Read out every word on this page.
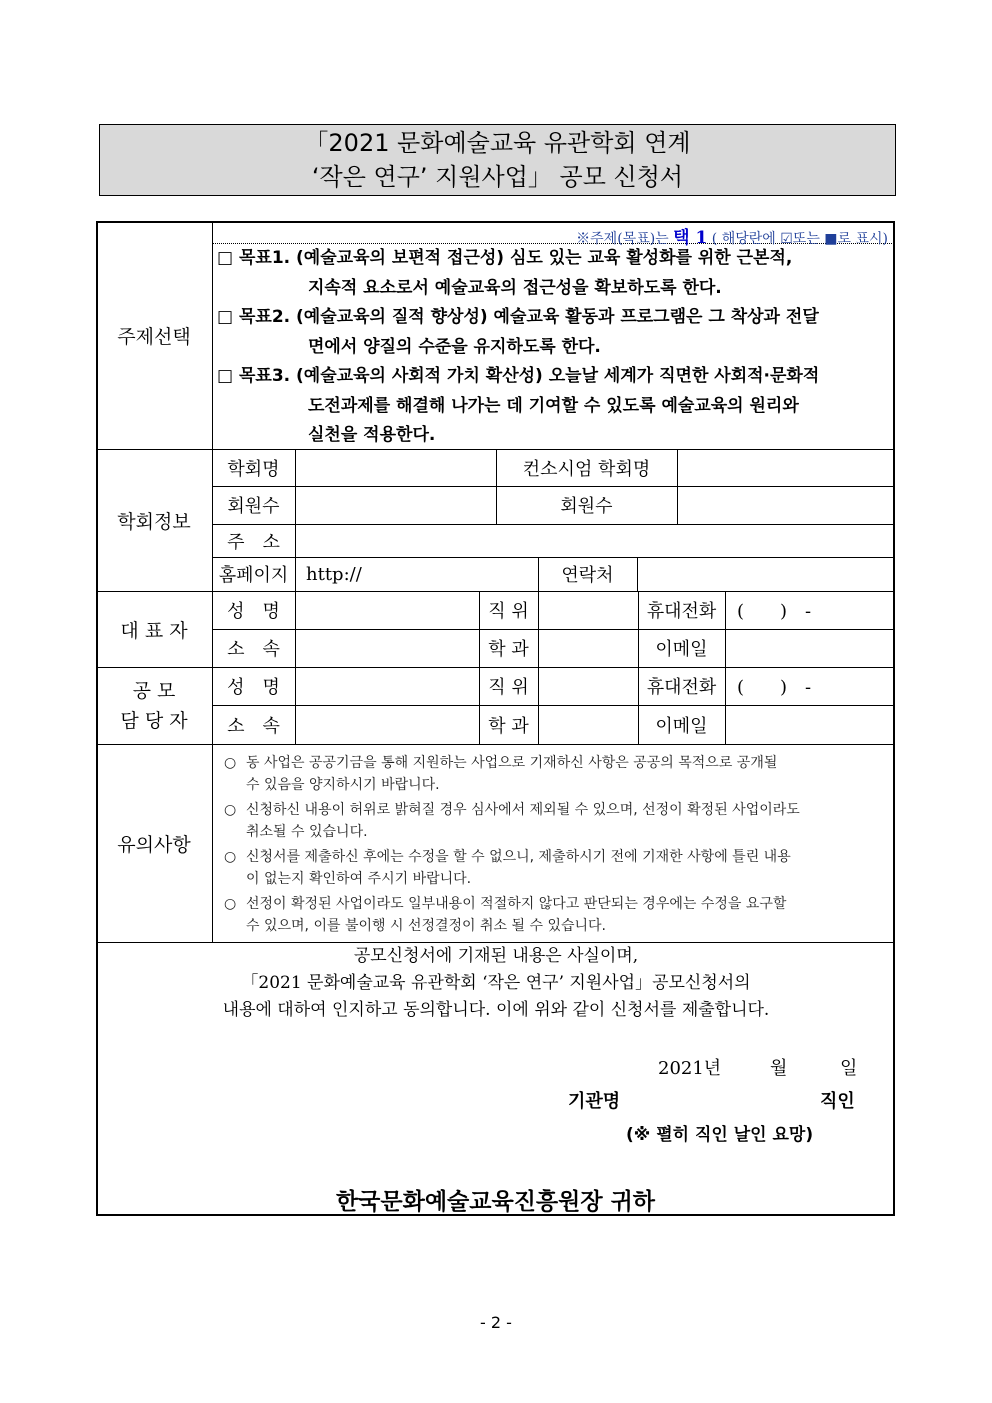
「2021 문화예술교육 유관학회 연계
‘작은 연구’ 지원사업」 공모 신청서
주제선택
※주제(목표)는 택 1 ( 해당란에 ☑또는 ■로 표시)
□ 목표1. (예술교육의 보편적 접근성) 심도 있는 교육 활성화를 위한 근본적,
지속적 요소로서 예술교육의 접근성을 확보하도록 한다.
□ 목표2. (예술교육의 질적 향상성) 예술교육 활동과 프로그램은 그 착상과 전달
면에서 양질의 수준을 유지하도록 한다.
□ 목표3. (예술교육의 사회적 가치 확산성) 오늘날 세계가 직면한 사회적·문화적
도전과제를 해결해 나가는 데 기여할 수 있도록 예술교육의 원리와
실천을 적용한다.
학회정보
학회명	컨소시엄 학회명
회원수	회원수
주　소
홈페이지 http://	연락처
대 표 자
성　명	직 위	휴대전화	(　　)　-
소　속	학 과	이메일
공 모
담 당 자
성　명	직 위	휴대전화	(　　)　-
소　속	학 과	이메일
유의사항
○ 동 사업은 공공기금을 통해 지원하는 사업으로 기재하신 사항은 공공의 목적으로 공개될
수 있음을 양지하시기 바랍니다.
○ 신청하신 내용이 허위로 밝혀질 경우 심사에서 제외될 수 있으며, 선정이 확정된 사업이라도
취소될 수 있습니다.
○ 신청서를 제출하신 후에는 수정을 할 수 없으니, 제출하시기 전에 기재한 사항에 틀린 내용
이 없는지 확인하여 주시기 바랍니다.
○ 선정이 확정된 사업이라도 일부내용이 적절하지 않다고 판단되는 경우에는 수정을 요구할
수 있으며, 이를 불이행 시 선정결정이 취소 될 수 있습니다.
공모신청서에 기재된 내용은 사실이며,
「2021 문화예술교육 유관학회 ‘작은 연구’ 지원사업」공모신청서의
내용에 대하여 인지하고 동의합니다. 이에 위와 같이 신청서를 제출합니다.
2021년	월	일
기관명	직인
(※ 펼히 직인 날인 요망)
한국문화예술교육진흥원장 귀하
- 2 -
